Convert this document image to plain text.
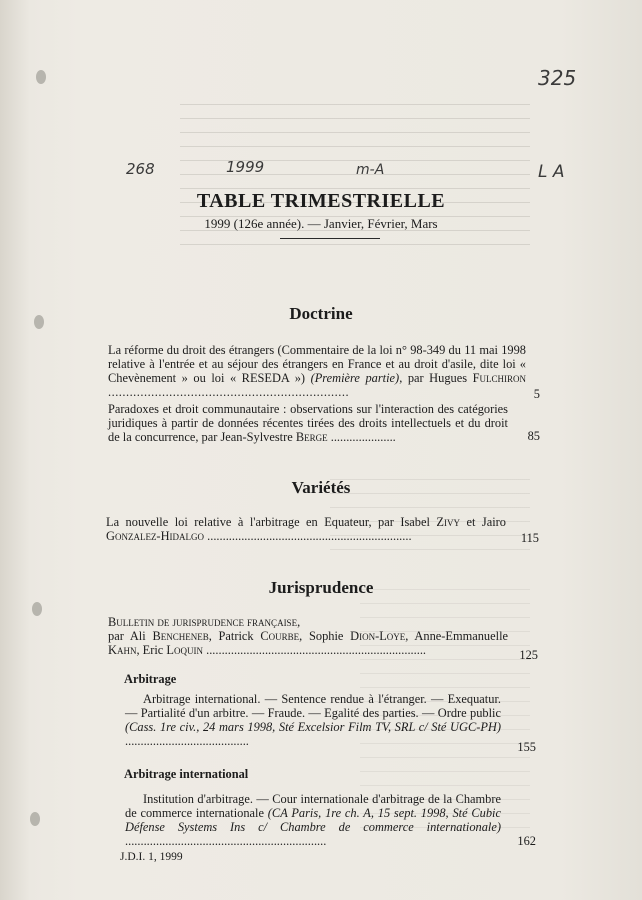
325
268	1999	m-A	L A
TABLE TRIMESTRIELLE
1999 (126e année). — Janvier, Février, Mars
Doctrine
La réforme du droit des étrangers (Commentaire de la loi n° 98-349 du 11 mai 1998 relative à l'entrée et au séjour des étrangers en France et au droit d'asile, dite loi « Chevènement » ou loi « RESEDA ») (Première partie), par Hugues Fulchiron ...................................................................	5
Paradoxes et droit communautaire : observations sur l'interaction des catégories juridiques à partir de données récentes tirées des droits intellectuels et du droit de la concurrence, par Jean-Sylvestre Berge .....................	85
Variétés
La nouvelle loi relative à l'arbitrage en Equateur, par Isabel Zivy et Jairo Gonzalez-Hidalgo ..................................................................	115
Jurisprudence
Bulletin de jurisprudence française,
par Ali Bencheneb, Patrick Courbe, Sophie Dion-Loye, Anne-Emmanuelle Kahn, Eric Loquin .......................................................................	125
Arbitrage
Arbitrage international. — Sentence rendue à l'étranger. — Exequatur. — Partialité d'un arbitre. — Fraude. — Egalité des parties. — Ordre public (Cass. 1re civ., 24 mars 1998, Sté Excelsior Film TV, SRL c/ Sté UGC-PH) ........................................	155
Arbitrage international
Institution d'arbitrage. — Cour internationale d'arbitrage de la Chambre de commerce internationale (CA Paris, 1re ch. A, 15 sept. 1998, Sté Cubic Défense Systems Ins c/ Chambre de commerce internationale) .................................................................	162
J.D.I. 1, 1999
